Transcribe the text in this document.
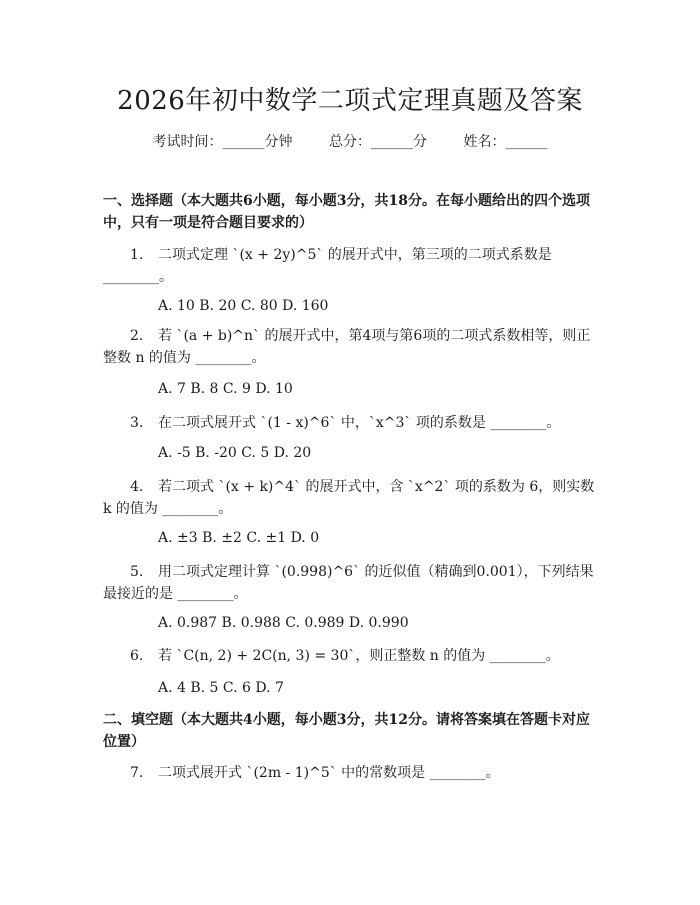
2026年初中数学二项式定理真题及答案
考试时间：______分钟	总分：______分	姓名：______
一、选择题（本大题共6小题，每小题3分，共18分。在每小题给出的四个选项中，只有一项是符合题目要求的）
1. 二项式定理 `(x + 2y)^5` 的展开式中，第三项的二项式系数是 ________。
A. 10 B. 20 C. 80 D. 160
2. 若 `(a + b)^n` 的展开式中，第4项与第6项的二项式系数相等，则正整数 n 的值为 ________。
A. 7 B. 8 C. 9 D. 10
3. 在二项式展开式 `(1 - x)^6` 中，`x^3` 项的系数是 ________。
A. -5 B. -20 C. 5 D. 20
4. 若二项式 `(x + k)^4` 的展开式中，含 `x^2` 项的系数为 6，则实数 k 的值为 ________。
A. ±3 B. ±2 C. ±1 D. 0
5. 用二项式定理计算 `(0.998)^6` 的近似值（精确到0.001），下列结果最接近的是 ________。
A. 0.987 B. 0.988 C. 0.989 D. 0.990
6. 若 `C(n, 2) + 2C(n, 3) = 30`，则正整数 n 的值为 ________。
A. 4 B. 5 C. 6 D. 7
二、填空题（本大题共4小题，每小题3分，共12分。请将答案填在答题卡对应位置）
7. 二项式展开式 `(2m - 1)^5` 中的常数项是 ________。
